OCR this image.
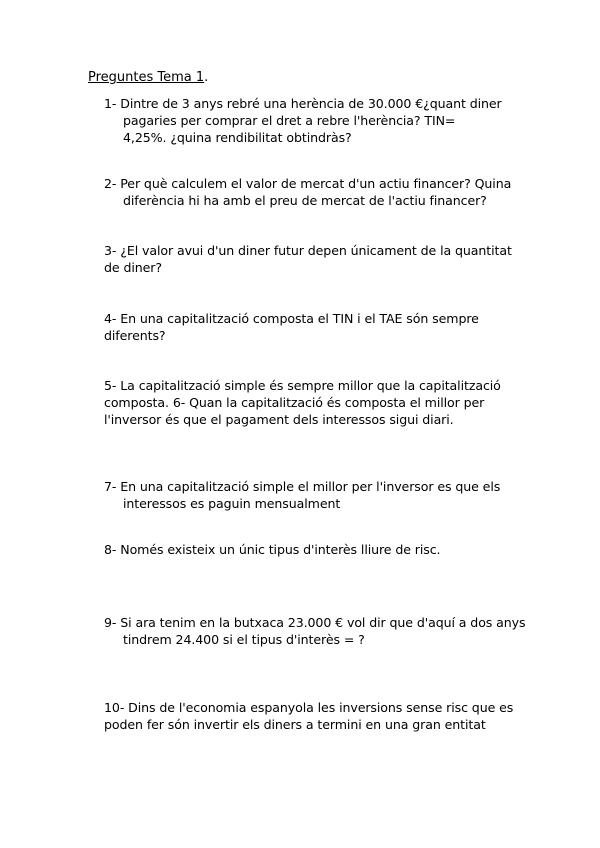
Preguntes Tema 1.
1- Dintre de 3 anys rebré una herència de 30.000 €¿quant diner
pagaries per comprar el dret a rebre l'herència? TIN=
4,25%. ¿quina rendibilitat obtindràs?
2- Per què calculem el valor de mercat d'un actiu financer? Quina
diferència hi ha amb el preu de mercat de l'actiu financer?
3- ¿El valor avui d'un diner futur depen únicament de la quantitat
de diner?
4- En una capitalització composta el TIN i el TAE són sempre
diferents?
5- La capitalització simple és sempre millor que la capitalització
composta. 6- Quan la capitalització és composta el millor per
l'inversor és que el pagament dels interessos sigui diari.
7- En una capitalització simple el millor per l'inversor es que els
interessos es paguin mensualment
8- Només existeix un únic tipus d'interès lliure de risc.
9- Si ara tenim en la butxaca 23.000 € vol dir que d'aquí a dos anys
tindrem 24.400 si el tipus d'interès = ?
10- Dins de l'economia espanyola les inversions sense risc que es
poden fer són invertir els diners a termini en una gran entitat
